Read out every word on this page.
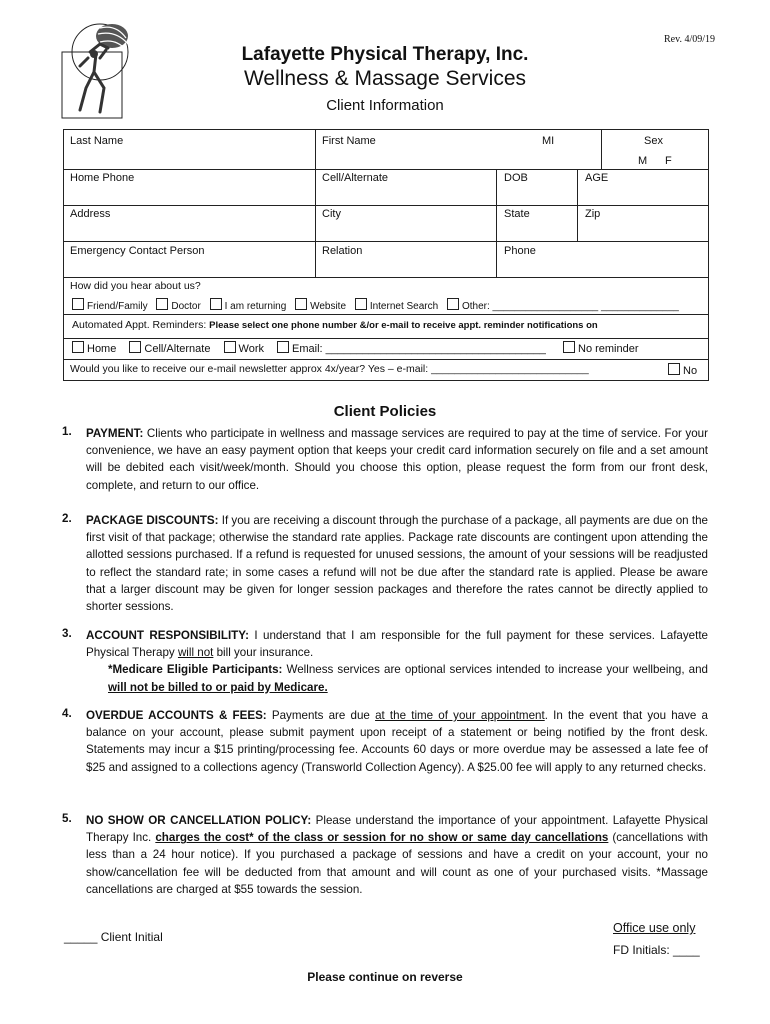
Rev. 4/09/19
Lafayette Physical Therapy, Inc.
Wellness & Massage Services
Client Information
Last Name	First Name	MI	Sex
M F
Home Phone	Cell/Alternate	DOB	AGE
Address	City	State	Zip
Emergency Contact Person	Relation	Phone
How did you hear about us?
Friend/Family Doctor I am returning Website Internet Search Other: ___________________ ______________
Automated Appt. Reminders: Please select one phone number &/or e-mail to receive appt. reminder notifications on
Home	Cell/Alternate	Work	Email: ____________________________________	No reminder
Would you like to receive our e-mail newsletter approx 4x/year? Yes – e-mail: ___________________________	No
Client Policies
1. PAYMENT: Clients who participate in wellness and massage services are required to pay at the time of service. For your convenience, we have an easy payment option that keeps your credit card information securely on file and a set amount will be debited each visit/week/month. Should you choose this option, please request the form from our front desk, complete, and return to our office.
2. PACKAGE DISCOUNTS: If you are receiving a discount through the purchase of a package, all payments are due on the first visit of that package; otherwise the standard rate applies. Package rate discounts are contingent upon attending the allotted sessions purchased. If a refund is requested for unused sessions, the amount of your sessions will be readjusted to reflect the standard rate; in some cases a refund will not be due after the standard rate is applied. Please be aware that a larger discount may be given for longer session packages and therefore the rates cannot be directly applied to shorter sessions.
3. ACCOUNT RESPONSIBILITY: I understand that I am responsible for the full payment for these services. Lafayette Physical Therapy will not bill your insurance.
*Medicare Eligible Participants: Wellness services are optional services intended to increase your wellbeing, and will not be billed to or paid by Medicare.
4. OVERDUE ACCOUNTS & FEES: Payments are due at the time of your appointment. In the event that you have a balance on your account, please submit payment upon receipt of a statement or being notified by the front desk. Statements may incur a $15 printing/processing fee. Accounts 60 days or more overdue may be assessed a late fee of $25 and assigned to a collections agency (Transworld Collection Agency). A $25.00 fee will apply to any returned checks.
5. NO SHOW OR CANCELLATION POLICY: Please understand the importance of your appointment. Lafayette Physical Therapy Inc. charges the cost* of the class or session for no show or same day cancellations (cancellations with less than a 24 hour notice). If you purchased a package of sessions and have a credit on your account, your no show/cancellation fee will be deducted from that amount and will count as one of your purchased visits. *Massage cancellations are charged at $55 towards the session.
_____ Client Initial
Office use only
FD Initials: ____
Please continue on reverse
